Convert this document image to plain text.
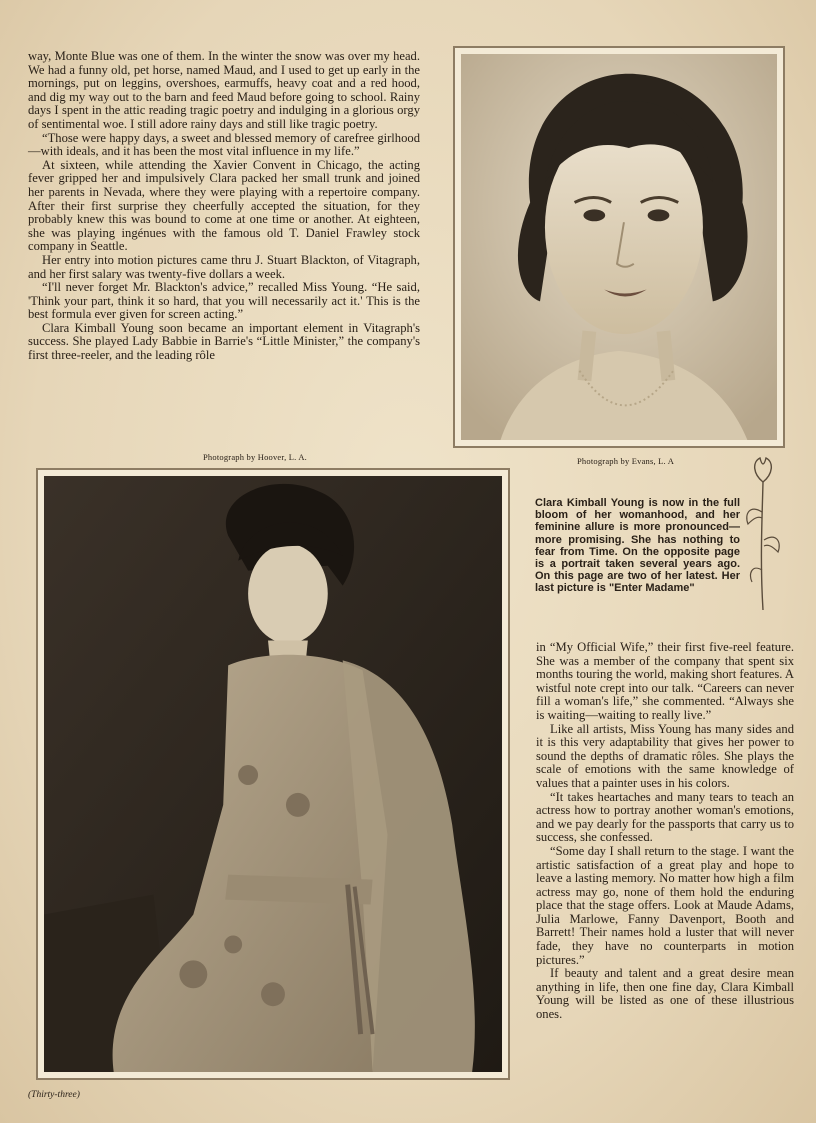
way, Monte Blue was one of them. In the winter the snow was over my head. We had a funny old, pet horse, named Maud, and I used to get up early in the mornings, put on leggins, overshoes, earmuffs, heavy coat and a red hood, and dig my way out to the barn and feed Maud before going to school. Rainy days I spent in the attic reading tragic poetry and indulging in a glorious orgy of sentimental woe. I still adore rainy days and still like tragic poetry.

“Those were happy days, a sweet and blessed memory of carefree girlhood—with ideals, and it has been the most vital influence in my life.”

At sixteen, while attending the Xavier Convent in Chicago, the acting fever gripped her and impulsively Clara packed her small trunk and joined her parents in Nevada, where they were playing with a repertoire company. After their first surprise they cheerfully accepted the situation, for they probably knew this was bound to come at one time or another. At eighteen, she was playing ingénues with the famous old T. Daniel Frawley stock company in Seattle.

Her entry into motion pictures came thru J. Stuart Blackton, of Vitagraph, and her first salary was twenty-five dollars a week.

“I'll never forget Mr. Blackton's advice,” recalled Miss Young. “He said, 'Think your part, think it so hard, that you will necessarily act it.' This is the best formula ever given for screen acting.”

Clara Kimball Young soon became an important element in Vitagraph's success. She played Lady Babbie in Barrie's “Little Minister,” the company's first three-reeler, and the leading rôle

Photograph by Hoover, L. A.	Photograph by Evans, L. A
Clara Kimball Young is now in the full bloom of her womanhood, and her feminine allure is more pronounced—more promising. She has nothing to fear from Time. On the opposite page is a portrait taken several years ago. On this page are two of her latest. Her last picture is "Enter Madame"

in “My Official Wife,” their first five-reel feature. She was a member of the company that spent six months touring the world, making short features. A wistful note crept into our talk. “Careers can never fill a woman's life,” she commented. “Always she is waiting—waiting to really live.”

Like all artists, Miss Young has many sides and it is this very adaptability that gives her power to sound the depths of dramatic rôles. She plays the scale of emotions with the same knowledge of values that a painter uses in his colors.

“It takes heartaches and many tears to teach an actress how to portray another woman's emotions, and we pay dearly for the passports that carry us to success, she confessed.

“Some day I shall return to the stage. I want the artistic satisfaction of a great play and hope to leave a lasting memory. No matter how high a film actress may go, none of them hold the enduring place that the stage offers. Look at Maude Adams, Julia Marlowe, Fanny Davenport, Booth and Barrett! Their names hold a luster that will never fade, they have no counterparts in motion pictures.”

If beauty and talent and a great desire mean anything in life, then one fine day, Clara Kimball Young will be listed as one of these illustrious ones.

(Thirty-three)
